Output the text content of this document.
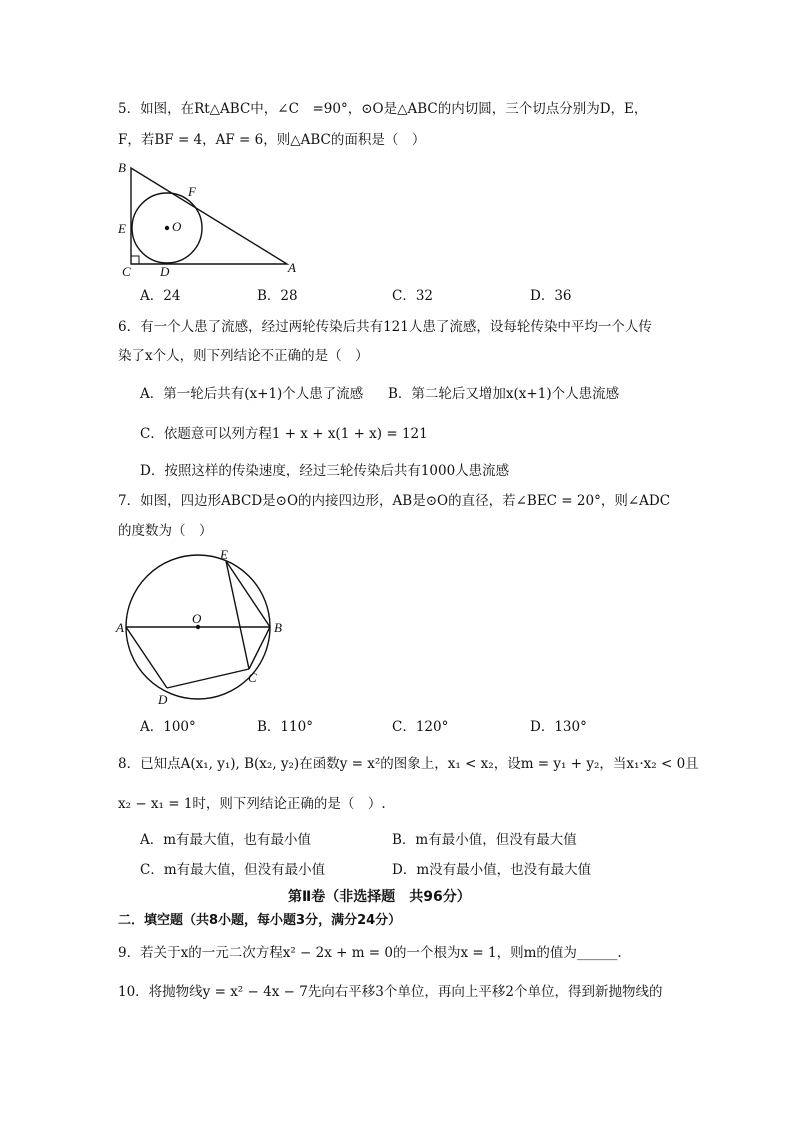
5．如图，在Rt△ABC中，∠C　=90°，⊙O是△ABC的内切圆，三个切点分别为D，E，
F，若BF = 4，AF = 6，则△ABC的面积是（　）
B
F
E	O
C D	A
A．24	B．28	C．32	D．36
6．有一个人患了流感，经过两轮传染后共有121人患了流感，设每轮传染中平均一个人传
染了x个人，则下列结论不正确的是（　）
A．第一轮后共有(x+1)个人患了流感 B．第二轮后又增加x(x+1)个人患流感
C．依题意可以列方程1 + x + x(1 + x) = 121
D．按照这样的传染速度，经过三轮传染后共有1000人患流感
7．如图，四边形ABCD是⊙O的内接四边形，AB是⊙O的直径，若∠BEC = 20°，则∠ADC
的度数为（　）
E
O
A	B
C
D
A．100°	B．110°	C．120°	D．130°
8．已知点A(x₁, y₁), B(x₂, y₂)在函数y = x²的图象上，x₁ < x₂，设m = y₁ + y₂，当x₁·x₂ < 0且
x₂ − x₁ = 1时，则下列结论正确的是（　）.
A．m有最大值，也有最小值	B．m有最小值，但没有最大值
C．m有最大值，但没有最小值	D．m没有最小值，也没有最大值
第Ⅱ卷（非选择题　共96分）
二．填空题（共8小题，每小题3分，满分24分）
9．若关于x的一元二次方程x² − 2x + m = 0的一个根为x = 1，则m的值为______.
10．将抛物线y = x² − 4x − 7先向右平移3个单位，再向上平移2个单位，得到新抛物线的
